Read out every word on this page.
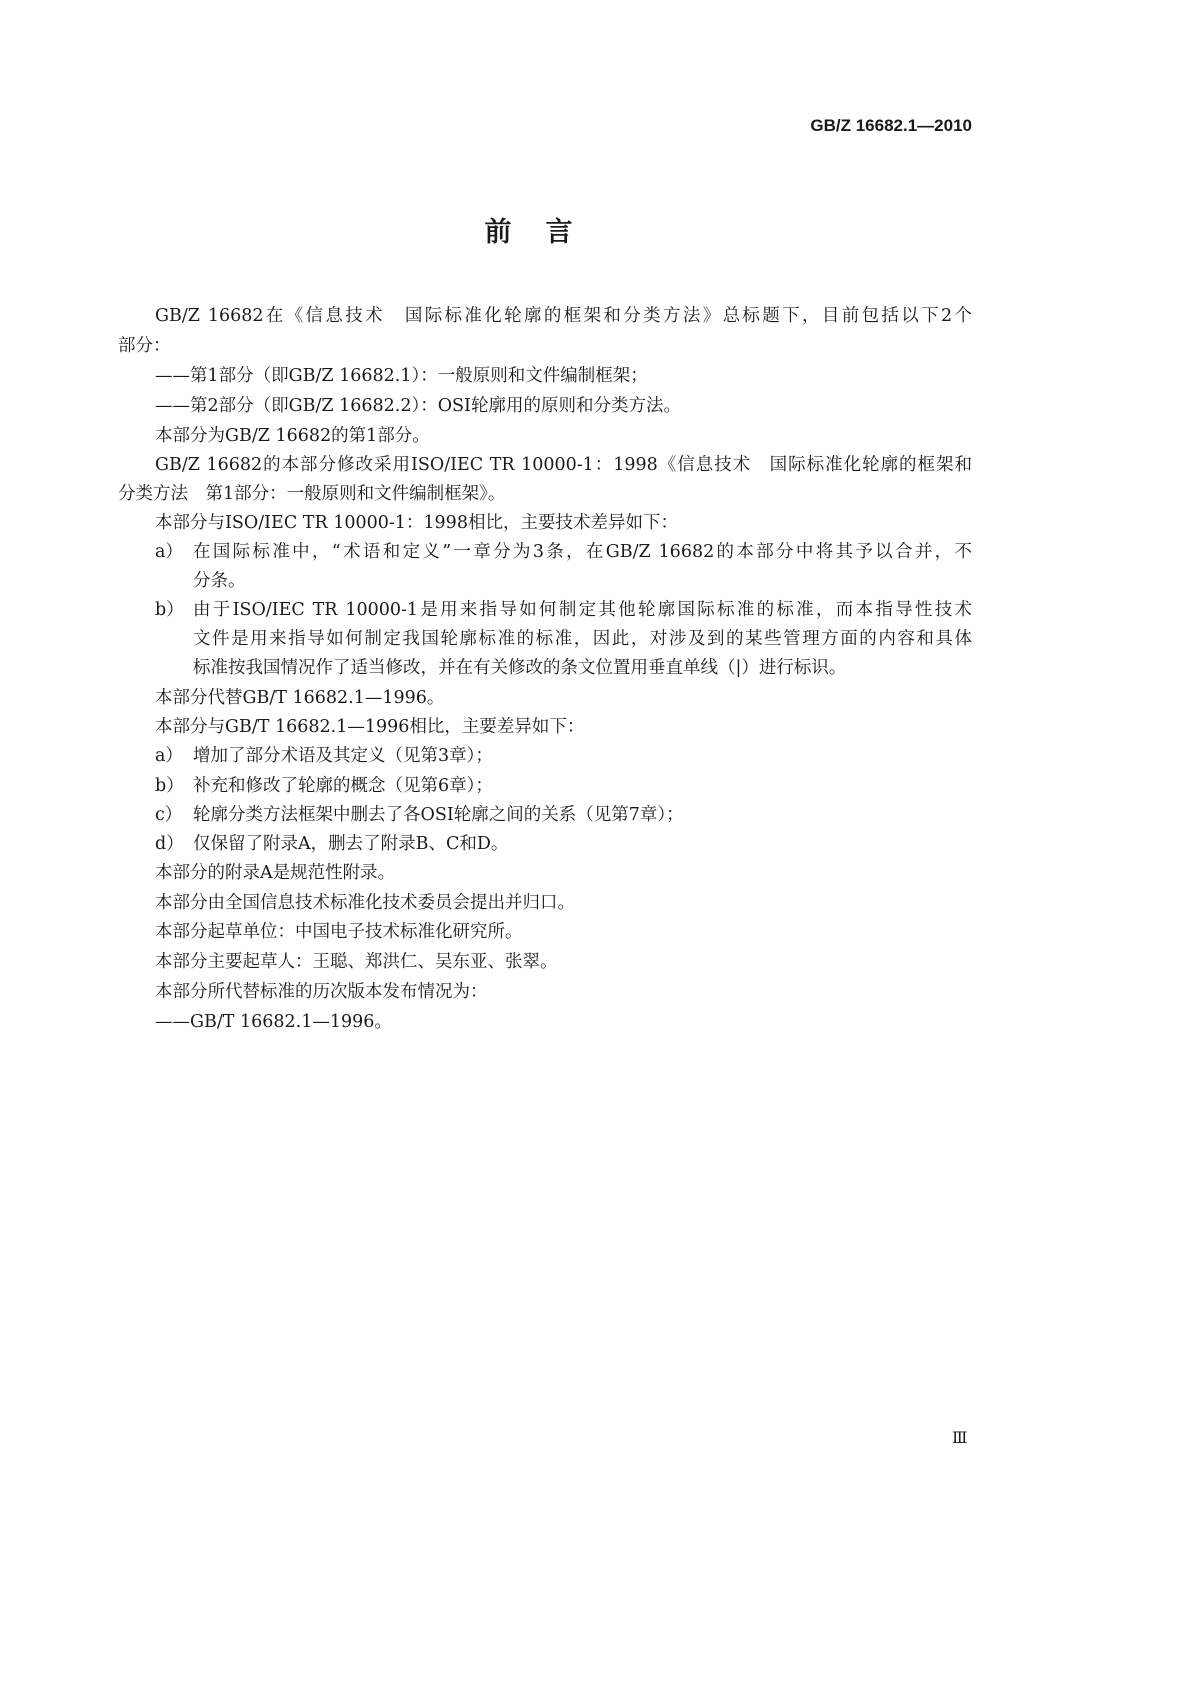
GB/Z 16682.1—2010
前言
GB/Z 16682在《信息技术　国际标准化轮廓的框架和分类方法》总标题下，目前包括以下2个
部分：
——第1部分（即GB/Z 16682.1）：一般原则和文件编制框架；
——第2部分（即GB/Z 16682.2）：OSI轮廓用的原则和分类方法。
本部分为GB/Z 16682的第1部分。
GB/Z 16682的本部分修改采用ISO/IEC TR 10000-1：1998《信息技术　国际标准化轮廓的框架和
分类方法　第1部分：一般原则和文件编制框架》。
本部分与ISO/IEC TR 10000-1：1998相比，主要技术差异如下：
a） 在国际标准中，“术语和定义”一章分为3条，在GB/Z 16682的本部分中将其予以合并，不
分条。
b） 由于ISO/IEC TR 10000-1是用来指导如何制定其他轮廓国际标准的标准，而本指导性技术
文件是用来指导如何制定我国轮廓标准的标准，因此，对涉及到的某些管理方面的内容和具体
标准按我国情况作了适当修改，并在有关修改的条文位置用垂直单线（|）进行标识。
本部分代替GB/T 16682.1—1996。
本部分与GB/T 16682.1—1996相比，主要差异如下：
a） 增加了部分术语及其定义（见第3章）；
b） 补充和修改了轮廓的概念（见第6章）；
c） 轮廓分类方法框架中删去了各OSI轮廓之间的关系（见第7章）；
d） 仅保留了附录A，删去了附录B、C和D。
本部分的附录A是规范性附录。
本部分由全国信息技术标准化技术委员会提出并归口。
本部分起草单位：中国电子技术标准化研究所。
本部分主要起草人：王聪、郑洪仁、吴东亚、张翠。
本部分所代替标准的历次版本发布情况为：
——GB/T 16682.1—1996。
Ⅲ
